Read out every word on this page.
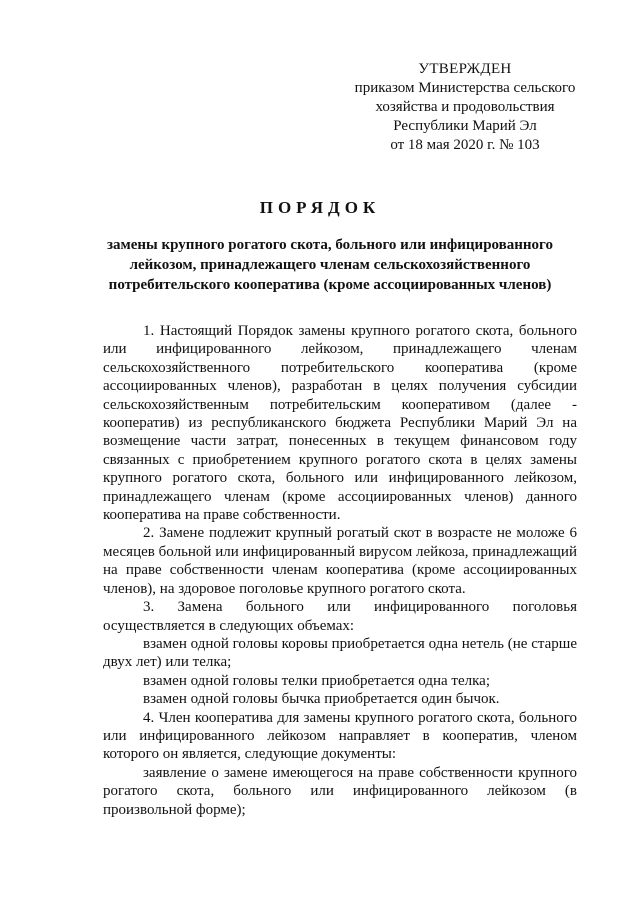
УТВЕРЖДЕН
приказом Министерства сельского
хозяйства и продовольствия
Республики Марий Эл
от 18 мая 2020 г. № 103
ПОРЯДОК
замены крупного рогатого скота, больного или инфицированного
лейкозом, принадлежащего членам сельскохозяйственного
потребительского кооператива (кроме ассоциированных членов)

1. Настоящий Порядок замены крупного рогатого скота, больного или инфицированного лейкозом, принадлежащего членам сельскохозяйственного потребительского кооператива (кроме ассоциированных членов), разработан в целях получения субсидии сельскохозяйственным потребительским кооперативом (далее - кооператив) из республиканского бюджета Республики Марий Эл на возмещение части затрат, понесенных в текущем финансовом году связанных с приобретением крупного рогатого скота в целях замены крупного рогатого скота, больного или инфицированного лейкозом, принадлежащего членам (кроме ассоциированных членов) данного кооператива на праве собственности.

2. Замене подлежит крупный рогатый скот в возрасте не моложе 6 месяцев больной или инфицированный вирусом лейкоза, принадлежащий на праве собственности членам кооператива (кроме ассоциированных членов), на здоровое поголовье крупного рогатого скота.

3. Замена больного или инфицированного поголовья осуществляется в следующих объемах:

взамен одной головы коровы приобретается одна нетель (не старше двух лет) или телка;

взамен одной головы телки приобретается одна телка;

взамен одной головы бычка приобретается один бычок.

4. Член кооператива для замены крупного рогатого скота, больного или инфицированного лейкозом направляет в кооператив, членом которого он является, следующие документы:

заявление о замене имеющегося на праве собственности крупного рогатого скота, больного или инфицированного лейкозом (в произвольной форме);
